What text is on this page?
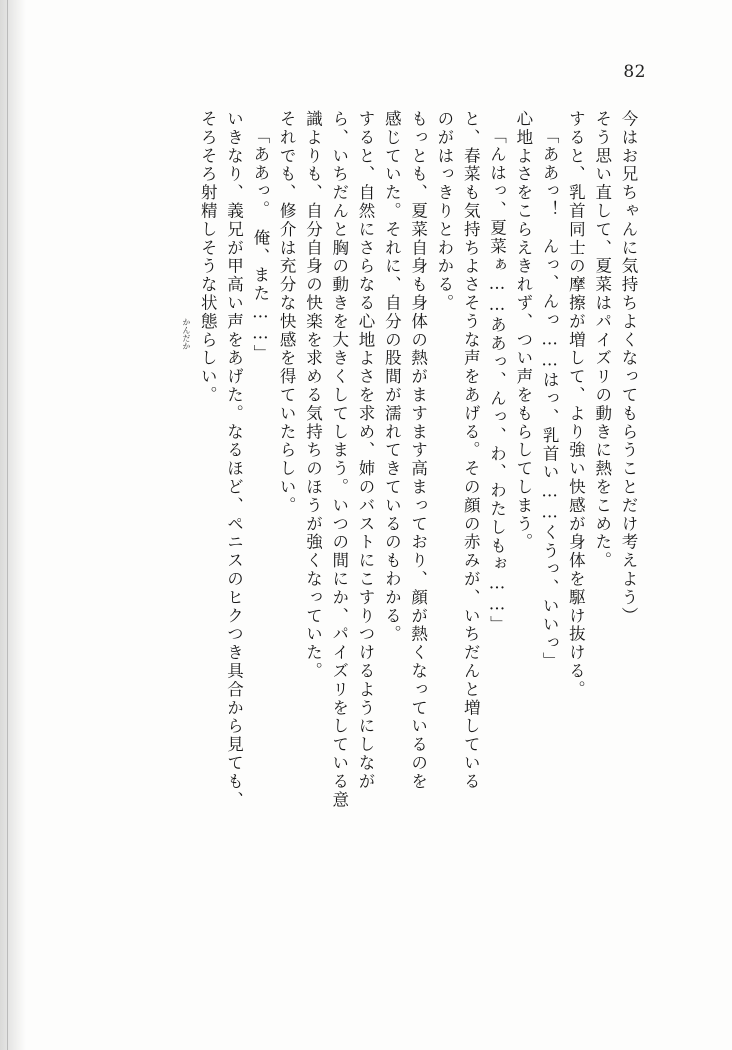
82
今はお兄ちゃんに気持ちよくなってもらうことだけ考えよう）
そう思い直して、夏菜はパイズリの動きに熱をこめた。
すると、乳首同士の摩擦が増して、より強い快感が身体を駆け抜ける。
「ああっ！　んっ、んっ……はっ、乳首い……くうっ、いいっ」
心地よさをこらえきれず、つい声をもらしてしまう。
「んはっ、夏菜ぁ……ああっ、んっ、わ、わたしもぉ……」
と、春菜も気持ちよさそうな声をあげる。その顔の赤みが、いちだんと増している
のがはっきりとわかる。
もっとも、夏菜自身も身体の熱がますます高まっており、顔が熱くなっているのを
感じていた。それに、自分の股間が濡れてきているのもわかる。
すると、自然にさらなる心地よさを求め、姉のバストにこすりつけるようにしなが
ら、いちだんと胸の動きを大きくしてしまう。いつの間にか、パイズリをしている意
識よりも、自分自身の快楽を求める気持ちのほうが強くなっていた。
それでも、修介は充分な快感を得ていたらしい。
「ああっ。　俺、また……」
いきなり、義兄が甲高い声をあげた。なるほど、ペニスのヒクつき具合から見ても、
そろそろ射精しそうな状態らしい。
かんだか
